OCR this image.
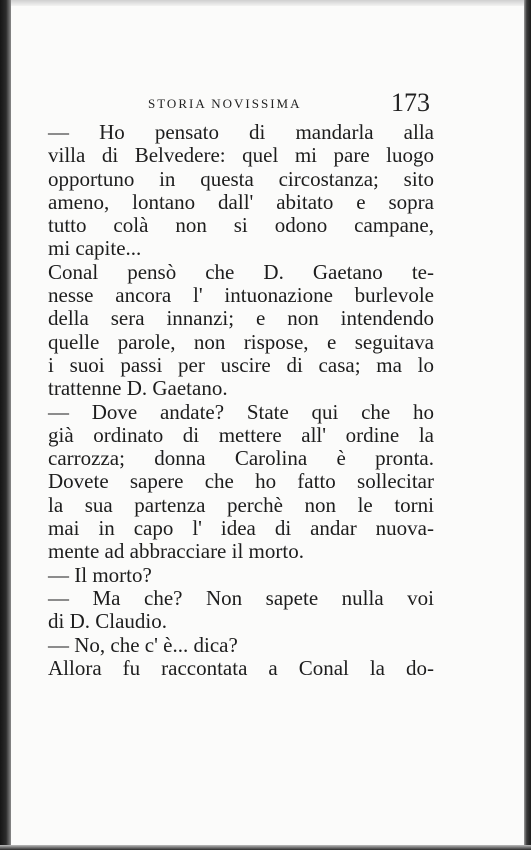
STORIA NOVISSIMA	173
— Ho pensato di mandarla alla
villa di Belvedere: quel mi pare luogo
opportuno in questa circostanza; sito
ameno, lontano dall' abitato e sopra
tutto colà non si odono campane,
mi capite...
Conal pensò che D. Gaetano te-
nesse ancora l' intuonazione burlevole
della sera innanzi; e non intendendo
quelle parole, non rispose, e seguitava
i suoi passi per uscire di casa; ma lo
trattenne D. Gaetano.
— Dove andate? State qui che ho
già ordinato di mettere all' ordine la
carrozza; donna Carolina è pronta.
Dovete sapere che ho fatto sollecitar
la sua partenza perchè non le torni
mai in capo l' idea di andar nuova-
mente ad abbracciare il morto.
— Il morto?
— Ma che? Non sapete nulla voi
di D. Claudio.
— No, che c' è... dica?
Allora fu raccontata a Conal la do-
